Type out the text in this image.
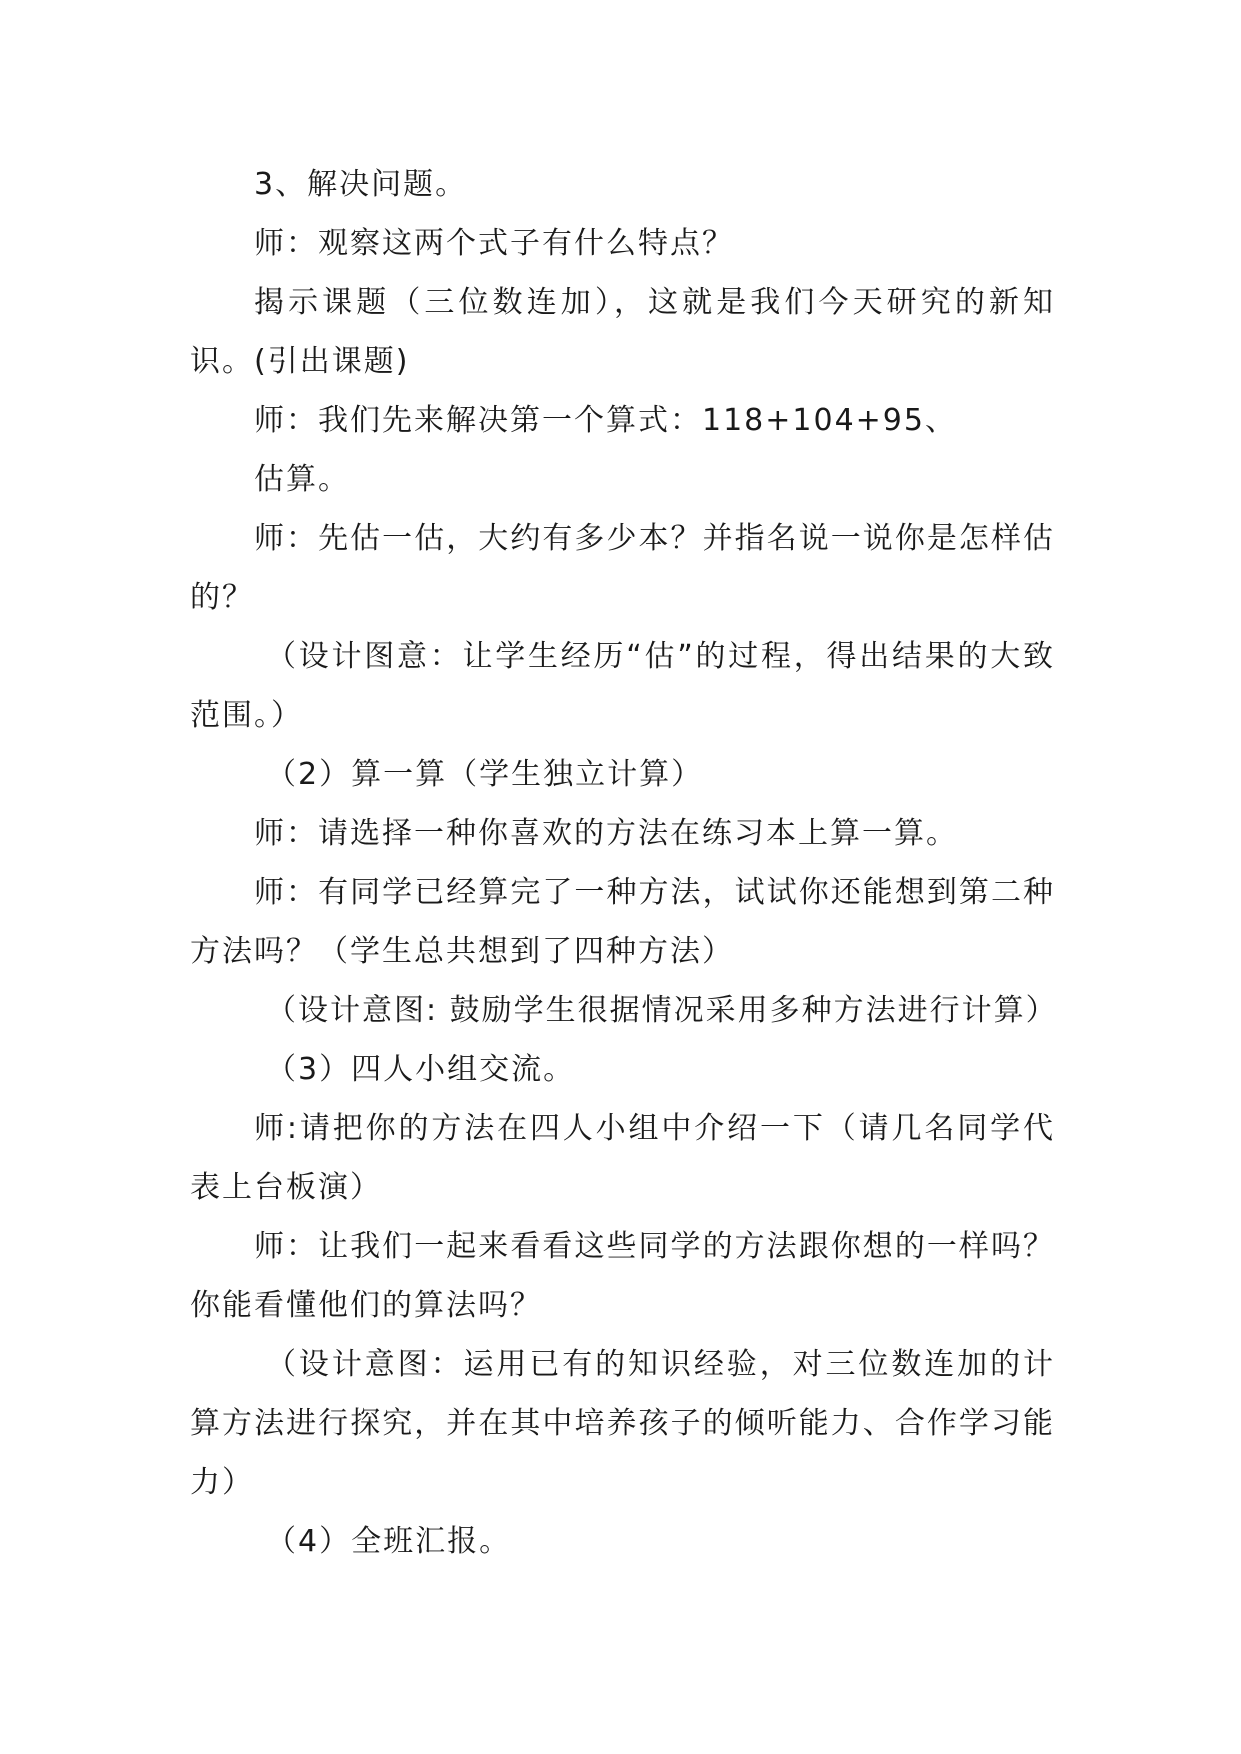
3、解决问题。

师：观察这两个式子有什么特点？

揭示课题（三位数连加），这就是我们今天研究的新知识。(引出课题)

师：我们先来解决第一个算式：118+104+95、

估算。

师：先估一估，大约有多少本？并指名说一说你是怎样估的？

（设计图意：让学生经历“估”的过程，得出结果的大致范围。）

（2）算一算（学生独立计算）

师：请选择一种你喜欢的方法在练习本上算一算。

师：有同学已经算完了一种方法，试试你还能想到第二种方法吗？（学生总共想到了四种方法）

（设计意图: 鼓励学生很据情况采用多种方法进行计算）

（3）四人小组交流。

师:请把你的方法在四人小组中介绍一下（请几名同学代表上台板演）

师：让我们一起来看看这些同学的方法跟你想的一样吗？你能看懂他们的算法吗？

（设计意图：运用已有的知识经验，对三位数连加的计算方法进行探究，并在其中培养孩子的倾听能力、合作学习能力）

（4）全班汇报。
